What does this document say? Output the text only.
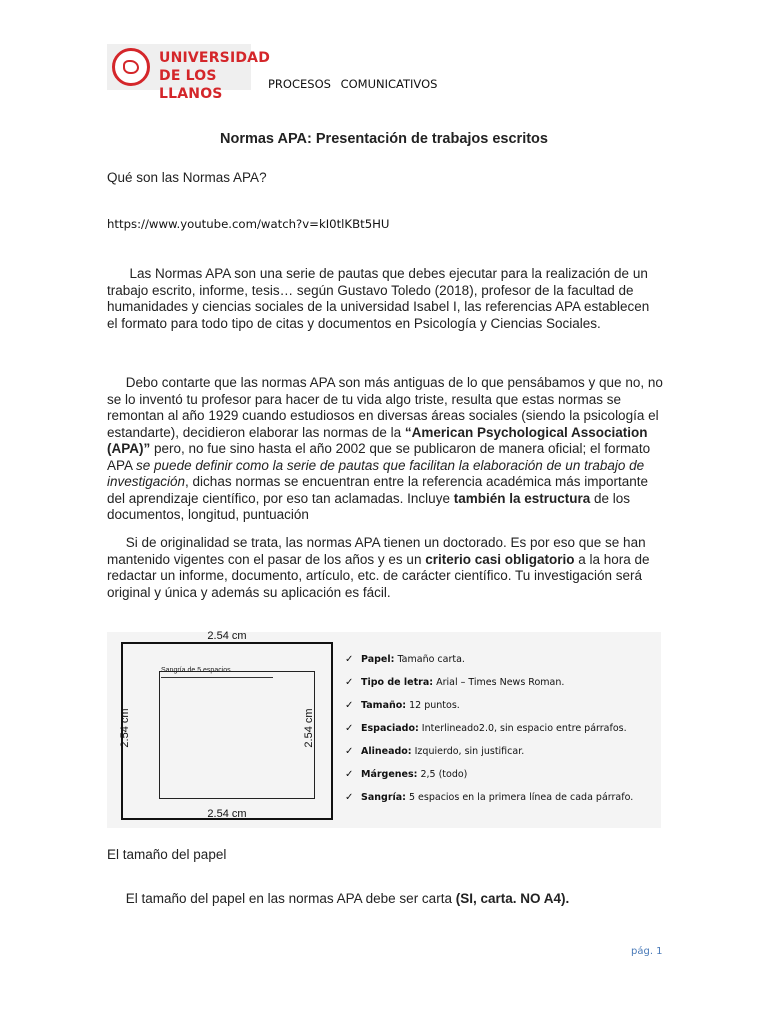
UNIVERSIDAD
DE LOS LLANOS
PROCESOS COMUNICATIVOS
Normas APA: Presentación de trabajos escritos
Qué son las Normas APA?
https://www.youtube.com/watch?v=kI0tlKBt5HU

Las Normas APA son una serie de pautas que debes ejecutar para la realización de un trabajo escrito, informe, tesis… según Gustavo Toledo (2018), profesor de la facultad de humanidades y ciencias sociales de la universidad Isabel I, las referencias APA establecen el formato para todo tipo de citas y documentos en Psicología y Ciencias Sociales.

Debo contarte que las normas APA son más antiguas de lo que pensábamos y que no, no se lo inventó tu profesor para hacer de tu vida algo triste, resulta que estas normas se remontan al año 1929 cuando estudiosos en diversas áreas sociales (siendo la psicología el estandarte), decidieron elaborar las normas de la “American Psychological Association (APA)” pero, no fue sino hasta el año 2002 que se publicaron de manera oficial; el formato APA se puede definir como la serie de pautas que facilitan la elaboración de un trabajo de investigación, dichas normas se encuentran entre la referencia académica más importante del aprendizaje científico, por eso tan aclamadas. Incluye también la estructura de los documentos, longitud, puntuación

Si de originalidad se trata, las normas APA tienen un doctorado. Es por eso que se han mantenido vigentes con el pasar de los años y es un criterio casi obligatorio a la hora de redactar un informe, documento, artículo, etc. de carácter científico. Tu investigación será original y única y además su aplicación es fácil.

2.54 cm
2.54 cm
2.54 cm	2.54 cm
Sangría de 5 espacios.
✓ Papel: Tamaño carta.
✓ Tipo de letra: Arial – Times News Roman.
✓ Tamaño: 12 puntos.
✓ Espaciado: Interlineado2.0, sin espacio entre párrafos.
✓ Alineado: Izquierdo, sin justificar.
✓ Márgenes: 2,5 (todo)
✓ Sangría: 5 espacios en la primera línea de cada párrafo.
El tamaño del papel

El tamaño del papel en las normas APA debe ser carta (SI, carta. NO A4).

pág. 1
